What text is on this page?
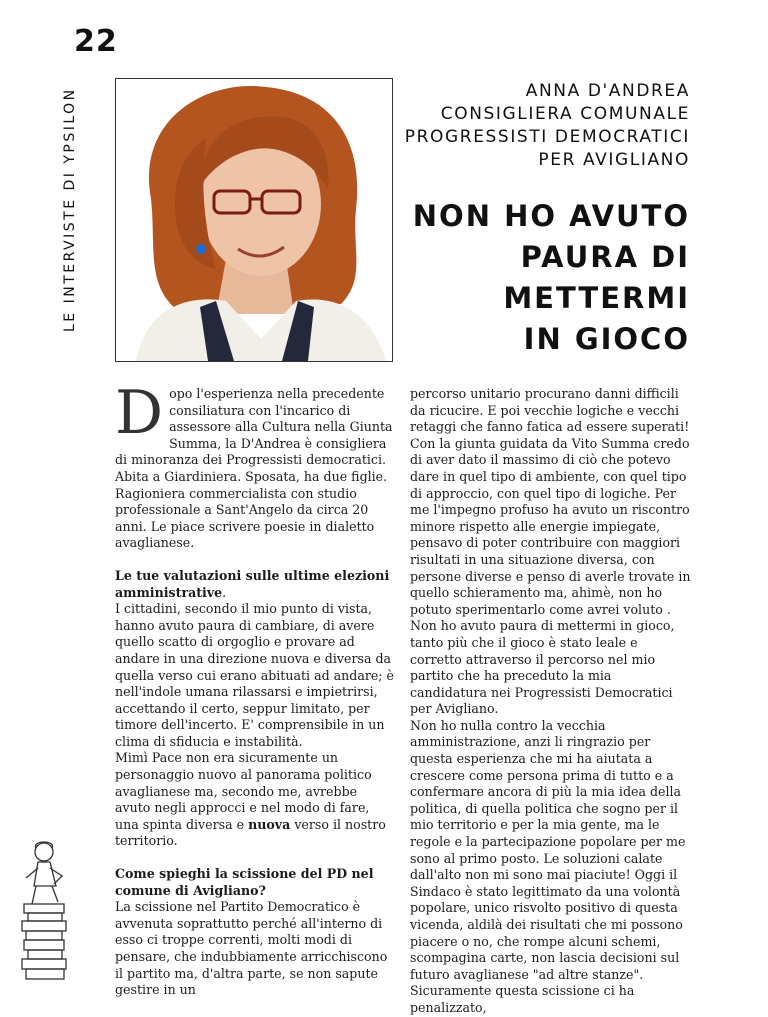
22
LE INTERVISTE DI YPSILON	ANNA D'ANDREA
CONSIGLIERA COMUNALE
PROGRESSISTI DEMOCRATICI
PER AVIGLIANO
NON HO AVUTO
PAURA DI
METTERMI
IN GIOCO

Dopo l'esperienza nella precedente consiliatura con l'incarico di assessore alla Cultura nella Giunta Summa, la D'Andrea è consigliera di minoranza dei Progressisti democratici. Abita a Giardiniera. Sposata, ha due figlie. Ragioniera commercialista con studio professionale a Sant'Angelo da circa 20 anni. Le piace scrivere poesie in dialetto avaglianese.

Le tue valutazioni sulle ultime elezioni amministrative.

I cittadini, secondo il mio punto di vista, hanno avuto paura di cambiare, di avere quello scatto di orgoglio e provare ad andare in una direzione nuova e diversa da quella verso cui erano abituati ad andare; è nell'indole umana rilassarsi e impietrirsi, accettando il certo, seppur limitato, per timore dell'incerto. E' comprensibile in un clima di sfiducia e instabilità.

Mimì Pace non era sicuramente un personaggio nuovo al panorama politico avaglianese ma, secondo me, avrebbe avuto negli approcci e nel modo di fare, una spinta diversa e nuova verso il nostro territorio.

Come spieghi la scissione del PD nel comune di Avigliano?

La scissione nel Partito Democratico è avvenuta soprattutto perché all'interno di esso ci troppe correnti, molti modi di pensare, che indubbiamente arricchiscono il partito ma, d'altra parte, se non sapute gestire in un

percorso unitario procurano danni difficili da ricucire. E poi vecchie logiche e vecchi retaggi che fanno fatica ad essere superati! Con la giunta guidata da Vito Summa credo di aver dato il massimo di ciò che potevo dare in quel tipo di ambiente, con quel tipo di approccio, con quel tipo di logiche. Per me l'impegno profuso ha avuto un riscontro minore rispetto alle energie impiegate, pensavo di poter contribuire con maggiori risultati in una situazione diversa, con persone diverse e penso di averle trovate in quello schieramento ma, ahimè, non ho potuto sperimentarlo come avrei voluto . Non ho avuto paura di mettermi in gioco, tanto più che il gioco è stato leale e corretto attraverso il percorso nel mio partito che ha preceduto la mia candidatura nei Progressisti Democratici per Avigliano.

Non ho nulla contro la vecchia amministrazione, anzi li ringrazio per questa esperienza che mi ha aiutata a crescere come persona prima di tutto e a confermare ancora di più la mia idea della politica, di quella politica che sogno per il mio territorio e per la mia gente, ma le regole e la partecipazione popolare per me sono al primo posto. Le soluzioni calate dall'alto non mi sono mai piaciute! Oggi il Sindaco è stato legittimato da una volontà popolare, unico risvolto positivo di questa vicenda, aldilà dei risultati che mi possono piacere o no, che rompe alcuni schemi, scompagina carte, non lascia decisioni sul futuro avaglianese "ad altre stanze".

Sicuramente questa scissione ci ha penalizzato,
